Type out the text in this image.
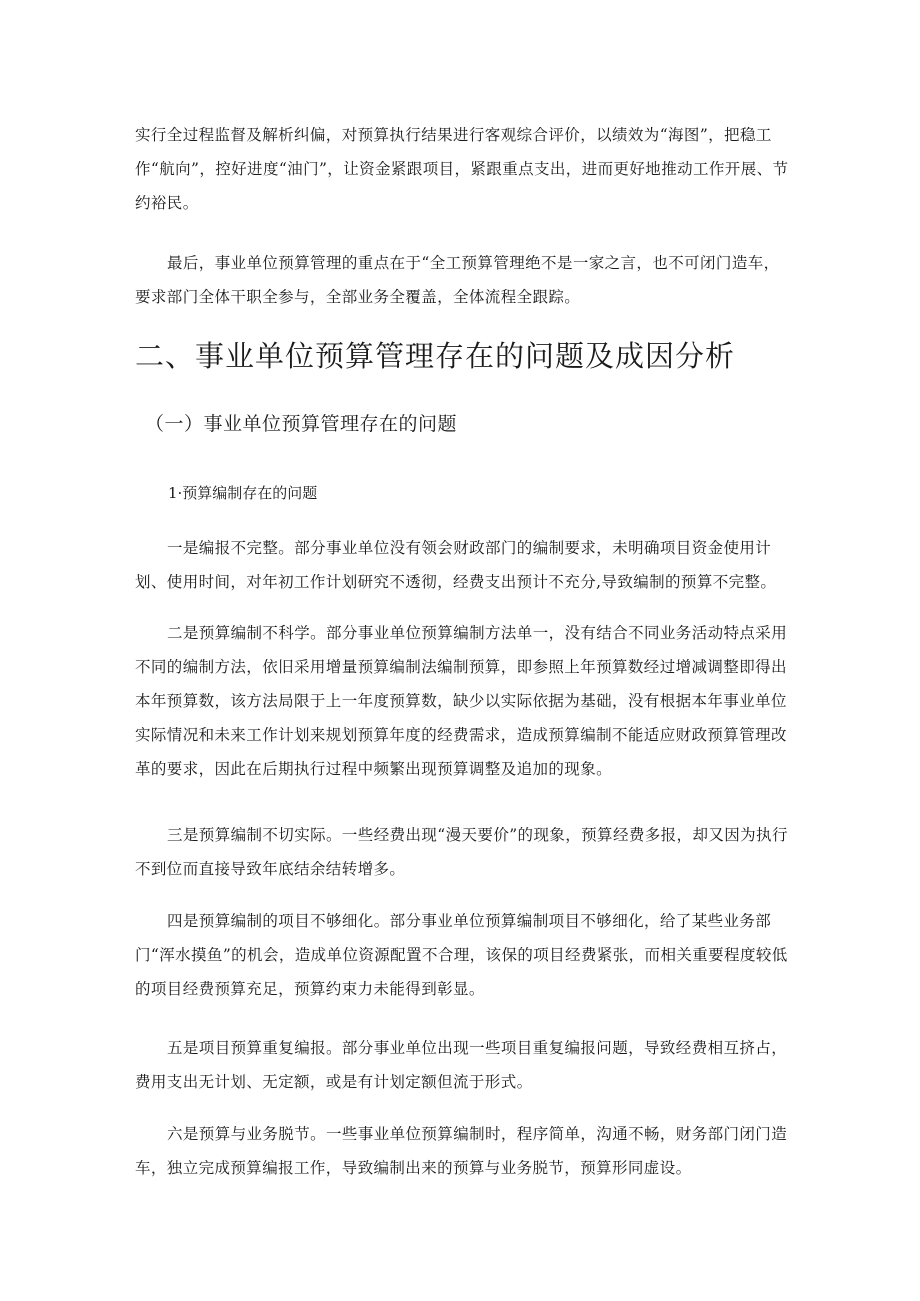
实行全过程监督及解析纠偏，对预算执行结果进行客观综合评价，以绩效为“海图”，把稳工作“航向”，控好进度“油门”，让资金紧跟项目，紧跟重点支出，进而更好地推动工作开展、节约裕民。

最后，事业单位预算管理的重点在于“全工预算管理绝不是一家之言，也不可闭门造车，要求部门全体干职全参与，全部业务全覆盖，全体流程全跟踪。

二、事业单位预算管理存在的问题及成因分析
（一）事业单位预算管理存在的问题
1·预算编制存在的问题

一是编报不完整。部分事业单位没有领会财政部门的编制要求，未明确项目资金使用计划、使用时间，对年初工作计划研究不透彻，经费支出预计不充分,导致编制的预算不完整。

二是预算编制不科学。部分事业单位预算编制方法单一，没有结合不同业务活动特点采用不同的编制方法，依旧采用增量预算编制法编制预算，即参照上年预算数经过增减调整即得出本年预算数，该方法局限于上一年度预算数，缺少以实际依据为基础，没有根据本年事业单位实际情况和未来工作计划来规划预算年度的经费需求，造成预算编制不能适应财政预算管理改革的要求，因此在后期执行过程中频繁出现预算调整及追加的现象。

三是预算编制不切实际。一些经费出现“漫天要价”的现象，预算经费多报，却又因为执行不到位而直接导致年底结余结转增多。

四是预算编制的项目不够细化。部分事业单位预算编制项目不够细化，给了某些业务部门“浑水摸鱼”的机会，造成单位资源配置不合理，该保的项目经费紧张，而相关重要程度较低的项目经费预算充足，预算约束力未能得到彰显。

五是项目预算重复编报。部分事业单位出现一些项目重复编报问题，导致经费相互挤占，费用支出无计划、无定额，或是有计划定额但流于形式。

六是预算与业务脱节。一些事业单位预算编制时，程序简单，沟通不畅，财务部门闭门造车，独立完成预算编报工作，导致编制出来的预算与业务脱节，预算形同虚设。
